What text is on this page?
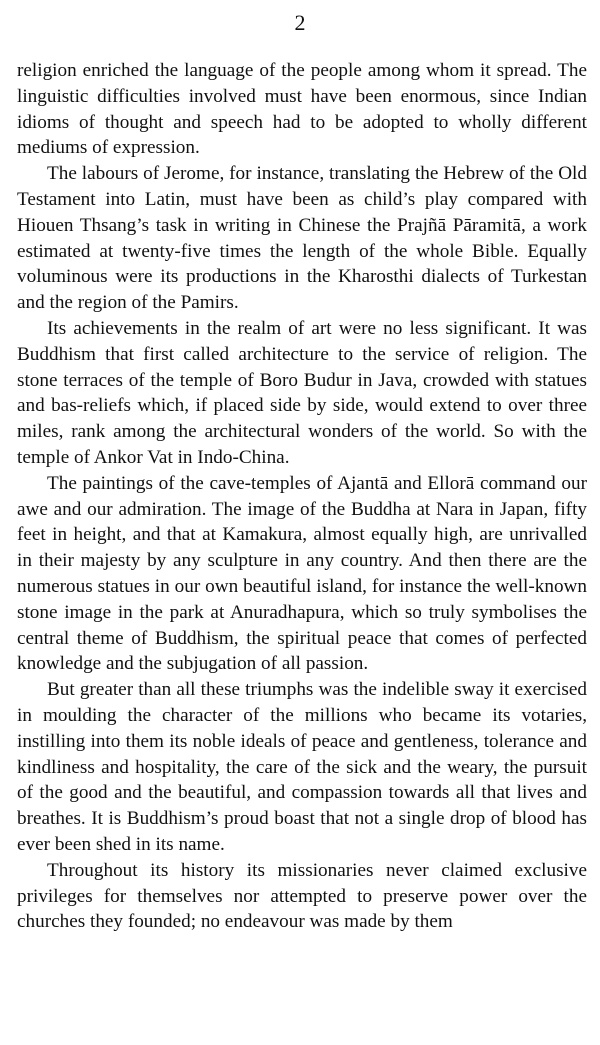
2

religion enriched the language of the people among whom it spread. The linguistic difficulties involved must have been enormous, since Indian idioms of thought and speech had to be adopted to wholly different mediums of expression.

The labours of Jerome, for instance, translating the Hebrew of the Old Testament into Latin, must have been as child’s play compared with Hiouen Thsang’s task in writing in Chinese the Prajñā Pāramitā, a work estimated at twenty-five times the length of the whole Bible. Equally voluminous were its productions in the Kharosthi dialects of Turkestan and the region of the Pamirs.

Its achievements in the realm of art were no less significant. It was Buddhism that first called architecture to the service of religion. The stone terraces of the temple of Boro Budur in Java, crowded with statues and bas-reliefs which, if placed side by side, would extend to over three miles, rank among the architectural wonders of the world. So with the temple of Ankor Vat in Indo-China.

The paintings of the cave-temples of Ajantā and Ellorā command our awe and our admiration. The image of the Buddha at Nara in Japan, fifty feet in height, and that at Kamakura, almost equally high, are unrivalled in their majesty by any sculpture in any country. And then there are the numerous statues in our own beautiful island, for instance the well-known stone image in the park at Anuradhapura, which so truly symbolises the central theme of Buddhism, the spiritual peace that comes of perfected knowledge and the subjugation of all passion.

But greater than all these triumphs was the indelible sway it exercised in moulding the character of the millions who became its votaries, instilling into them its noble ideals of peace and gentleness, tolerance and kindliness and hospitality, the care of the sick and the weary, the pursuit of the good and the beautiful, and compassion towards all that lives and breathes. It is Buddhism’s proud boast that not a single drop of blood has ever been shed in its name.

Throughout its history its missionaries never claimed exclusive privileges for themselves nor attempted to preserve power over the churches they founded; no endeavour was made by them
